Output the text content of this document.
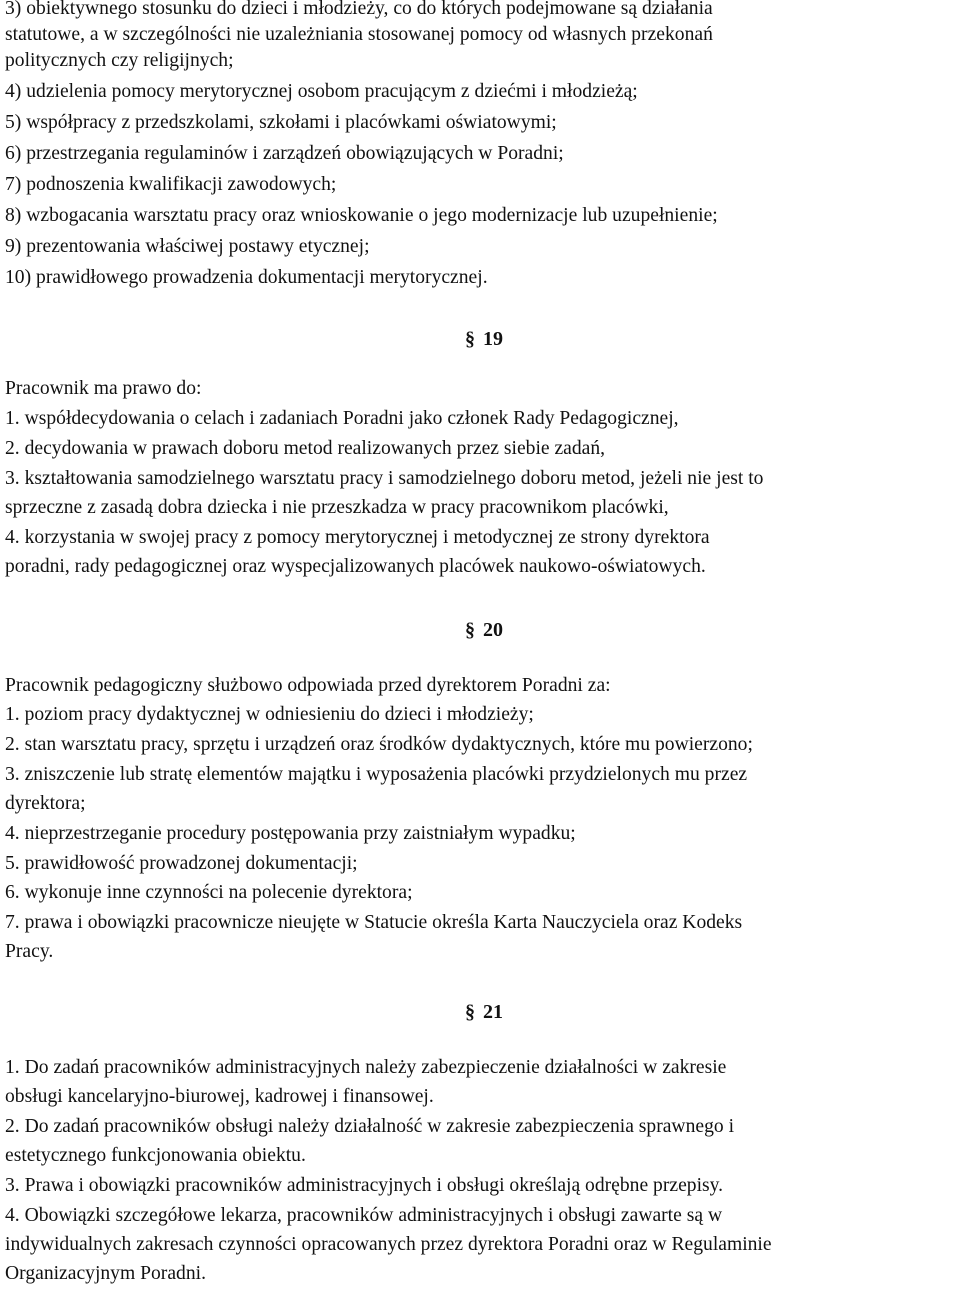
3) obiektywnego stosunku do dzieci i młodzieży, co do których podejmowane są działania

statutowe, a w szczególności nie uzależniania stosowanej pomocy od własnych przekonań

politycznych czy religijnych;

4) udzielenia pomocy merytorycznej osobom pracującym z dziećmi i młodzieżą;

5) współpracy z przedszkolami, szkołami i placówkami oświatowymi;

6) przestrzegania regulaminów i zarządzeń obowiązujących w Poradni;

7) podnoszenia kwalifikacji zawodowych;

8) wzbogacania warsztatu pracy oraz wnioskowanie o jego modernizacje lub uzupełnienie;

9) prezentowania właściwej postawy etycznej;

10) prawidłowego prowadzenia dokumentacji merytorycznej.

§ 19

Pracownik ma prawo do:

1. współdecydowania o celach i zadaniach Poradni jako członek Rady Pedagogicznej,

2. decydowania w prawach doboru metod realizowanych przez siebie zadań,

3. kształtowania samodzielnego warsztatu pracy i samodzielnego doboru metod, jeżeli nie jest to

sprzeczne z zasadą dobra dziecka i nie przeszkadza w pracy pracownikom placówki,

4. korzystania w swojej pracy z pomocy merytorycznej i metodycznej ze strony dyrektora

poradni, rady pedagogicznej oraz wyspecjalizowanych placówek naukowo-oświatowych.

§ 20

Pracownik pedagogiczny służbowo odpowiada przed dyrektorem Poradni za:

1. poziom pracy dydaktycznej w odniesieniu do dzieci i młodzieży;

2. stan warsztatu pracy, sprzętu i urządzeń oraz środków dydaktycznych, które mu powierzono;

3. zniszczenie lub stratę elementów majątku i wyposażenia placówki przydzielonych mu przez

dyrektora;

4. nieprzestrzeganie procedury postępowania przy zaistniałym wypadku;

5. prawidłowość prowadzonej dokumentacji;

6. wykonuje inne czynności na polecenie dyrektora;

7. prawa i obowiązki pracownicze nieujęte w Statucie określa Karta Nauczyciela oraz Kodeks

Pracy.

§ 21

1. Do zadań pracowników administracyjnych należy zabezpieczenie działalności w zakresie

obsługi kancelaryjno-biurowej, kadrowej i finansowej.

2. Do zadań pracowników obsługi należy działalność w zakresie zabezpieczenia sprawnego i

estetycznego funkcjonowania obiektu.

3. Prawa i obowiązki pracowników administracyjnych i obsługi określają odrębne przepisy.

4. Obowiązki szczegółowe lekarza, pracowników administracyjnych i obsługi zawarte są w

indywidualnych zakresach czynności opracowanych przez dyrektora Poradni oraz w Regulaminie

Organizacyjnym Poradni.
